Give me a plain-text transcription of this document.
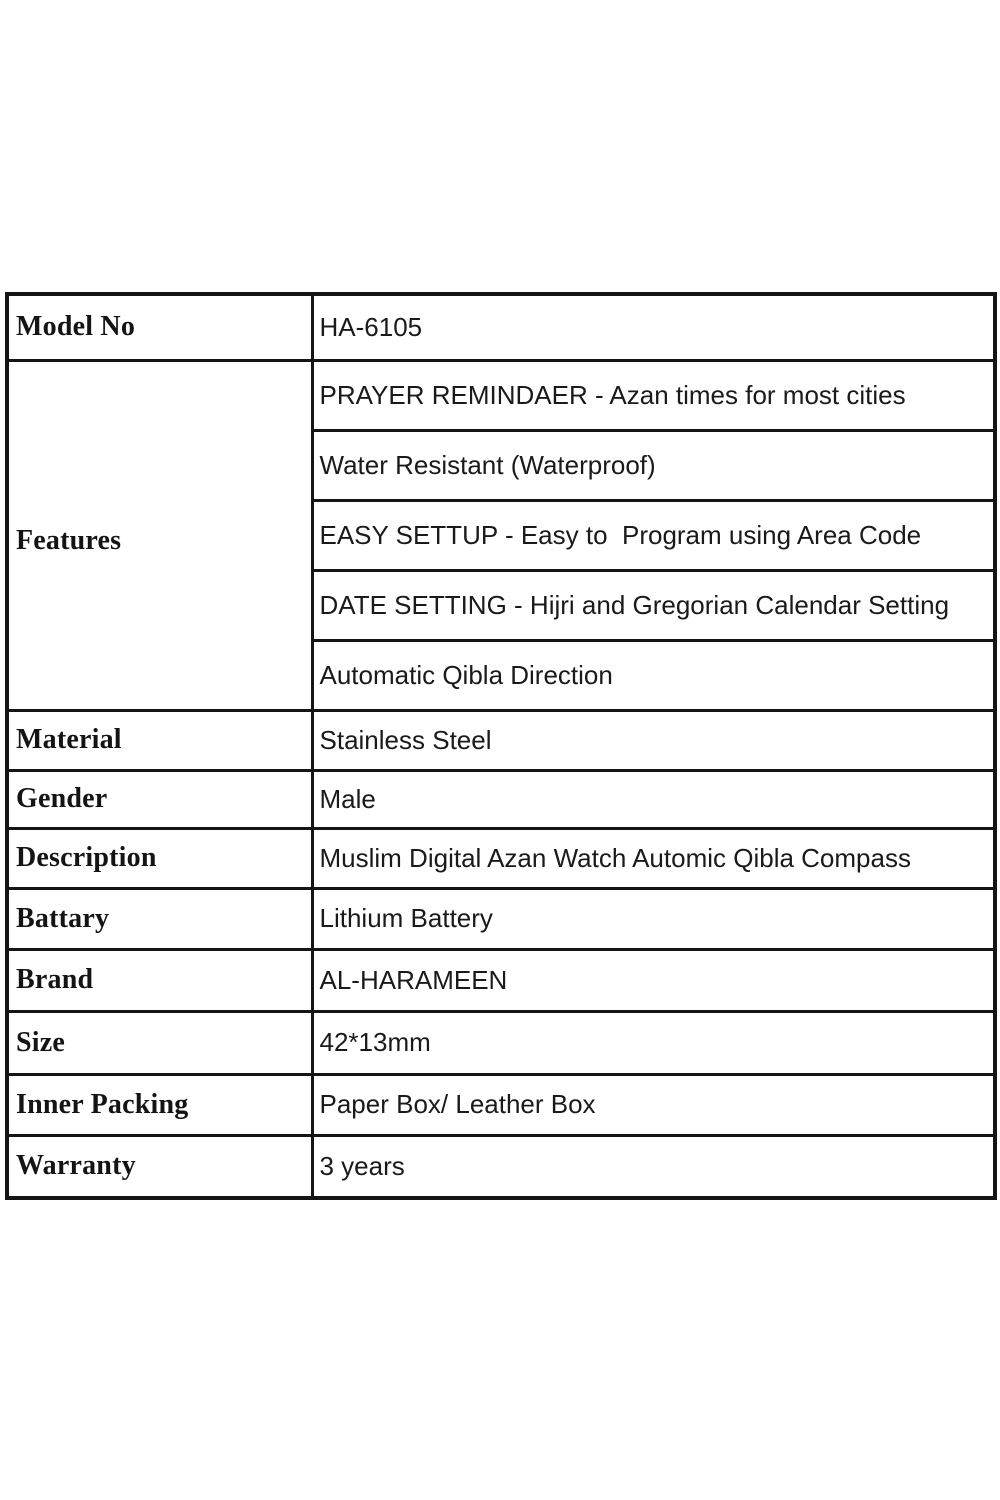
Model No	HA-6105
Features	PRAYER REMINDAER - Azan times for most cities
	Water Resistant (Waterproof)
	EASY SETTUP - Easy to  Program using Area Code
	DATE SETTING - Hijri and Gregorian Calendar Setting
	Automatic Qibla Direction
Material	Stainless Steel
Gender	Male
Description	Muslim Digital Azan Watch Automic Qibla Compass
Battary	Lithium Battery
Brand	AL-HARAMEEN
Size	42*13mm
Inner Packing	Paper Box/ Leather Box
Warranty	3 years
